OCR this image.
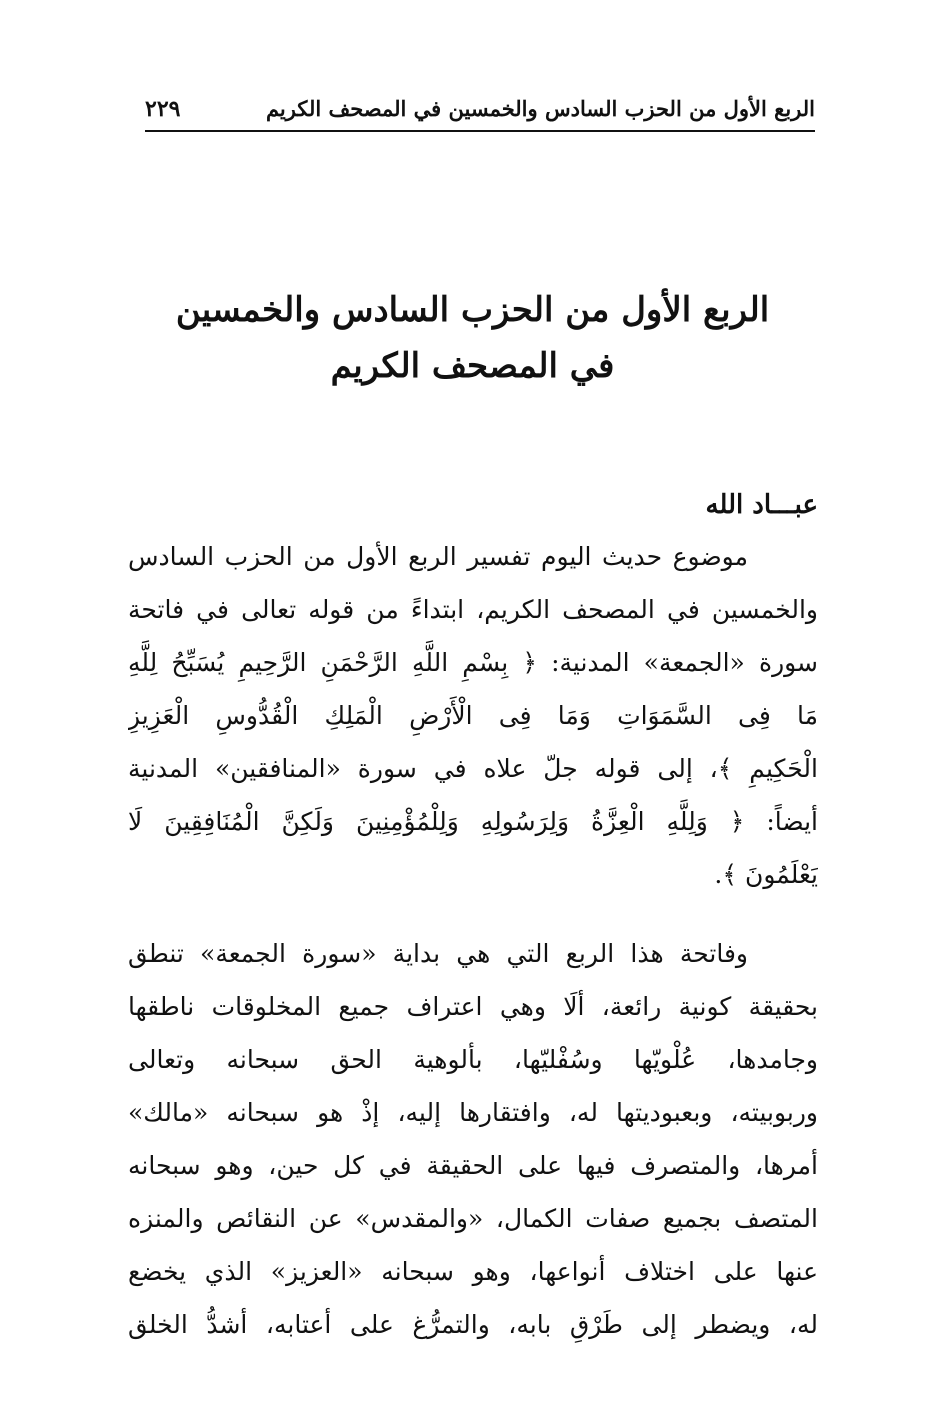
الربع الأول من الحزب السادس والخمسين في المصحف الكريم
٢٢٩
الربع الأول من الحزب السادس والخمسين
في المصحف الكريم
عبـــاد الله
موضوع حديث اليوم تفسير الربع الأول من الحزب السادس
والخمسين في المصحف الكريم، ابتداءً من قوله تعالى في فاتحة
سورة «الجمعة» المدنية: ﴿ بِسْمِ اللَّهِ الرَّحْمَنِ الرَّحِيمِ يُسَبِّحُ لِلَّهِ
مَا فِى السَّمَوَاتِ وَمَا فِى الْأَرْضِ الْمَلِكِ الْقُدُّوسِ الْعَزِيزِ
الْحَكِيمِ ﴾، إلى قوله جلّ علاه في سورة «المنافقين» المدنية
أيضاً: ﴿ وَلِلَّهِ الْعِزَّةُ وَلِرَسُولِهِ وَلِلْمُؤْمِنِينَ وَلَكِنَّ الْمُنَافِقِينَ لَا
يَعْلَمُونَ ﴾.
وفاتحة هذا الربع التي هي بداية «سورة الجمعة» تنطق
بحقيقة كونية رائعة، ألَا وهي اعتراف جميع المخلوقات ناطقها
وجامدها، عُلْويّها وسُفْليّها، بألوهية الحق سبحانه وتعالى
وربوبيته، وبعبوديتها له، وافتقارها إليه، إذْ هو سبحانه «مالك»
أمرها، والمتصرف فيها على الحقيقة في كل حين، وهو سبحانه
المتصف بجميع صفات الكمال، «والمقدس» عن النقائص والمنزه
عنها على اختلاف أنواعها، وهو سبحانه «العزيز» الذي يخضع
له، ويضطر إلى طَرْقِ بابه، والتمرُّغ على أعتابه، أشدُّ الخلق
